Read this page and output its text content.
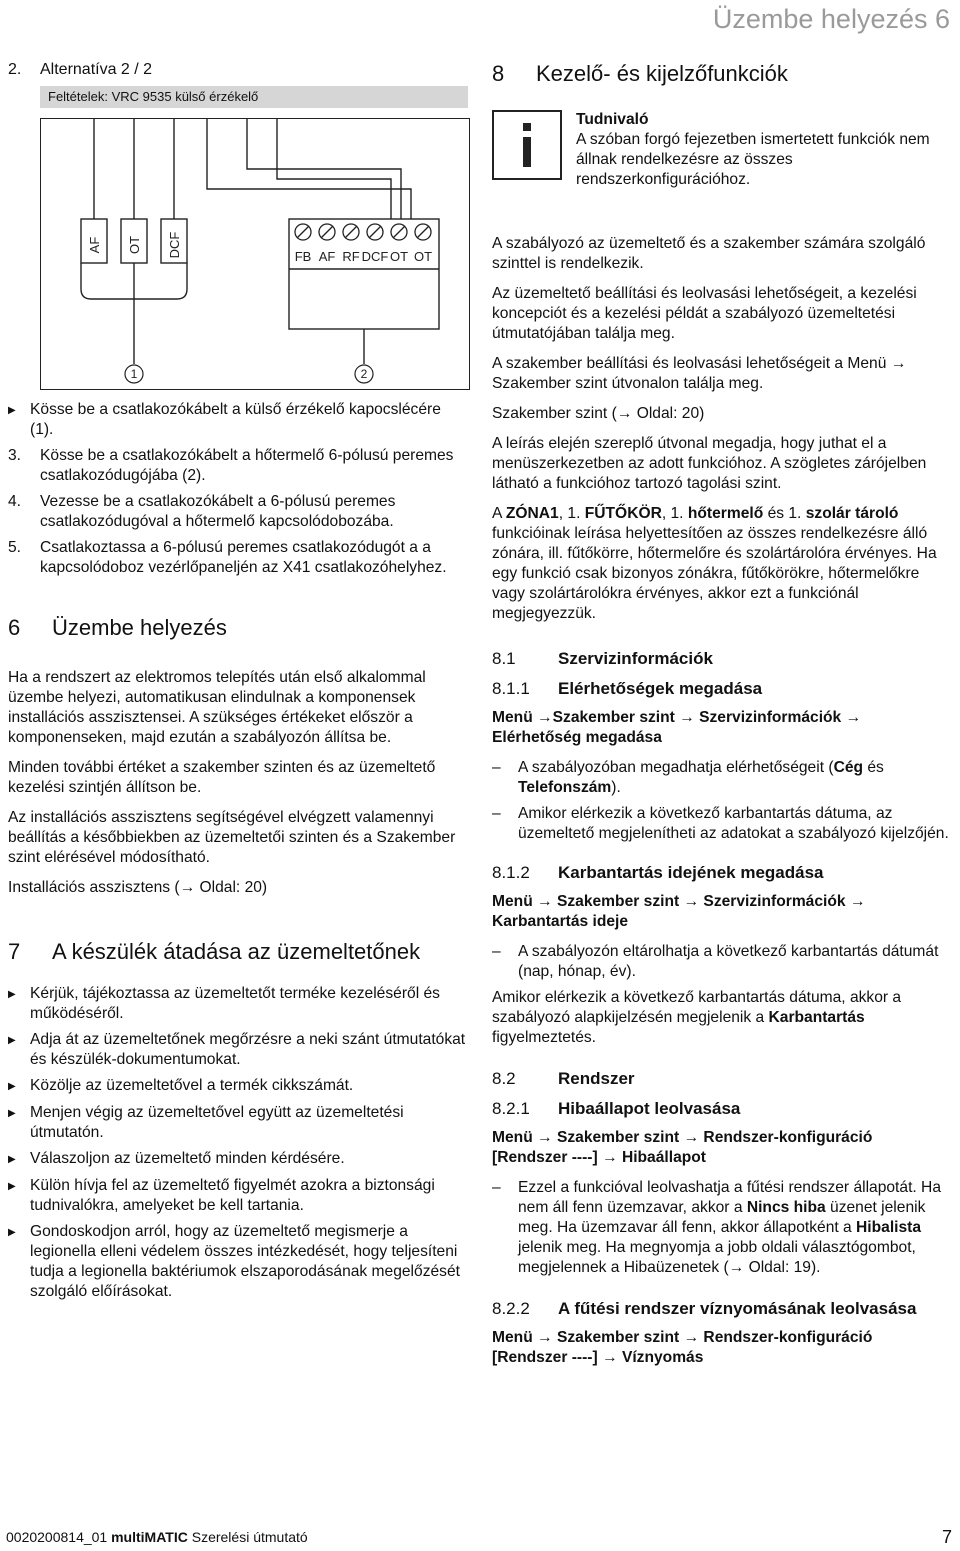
Üzembe helyezés 6
2. Alternatíva 2 / 2
Feltételek: VRC 9535 külső érzékelő
AF OT DCF	FB AF RF DCF OT OT
1	2
▶ Kösse be a csatlakozókábelt a külső érzékelő kapocslécére (1).
3.	Kösse be a csatlakozókábelt a hőtermelő 6-pólusú peremes csatlakozódugójába (2).
4.	Vezesse be a csatlakozókábelt a 6-pólusú peremes csatlakozódugóval a hőtermelő kapcsolódobozába.
5.	Csatlakoztassa a 6-pólusú peremes csatlakozódugót a a kapcsolódoboz vezérlőpaneljén az X41 csatlakozóhelyhez.
6 Üzembe helyezés

Ha a rendszert az elektromos telepítés után első alkalommal üzembe helyezi, automatikusan elindulnak a komponensek installációs asszisztensei. A szükséges értékeket először a komponenseken, majd ezután a szabályozón állítsa be.

Minden további értéket a szakember szinten és az üzemeltető kezelési szintjén állítson be.

Az installációs asszisztens segítségével elvégzett valamennyi beállítás a későbbiekben az üzemeltetői szinten és a Szakember szint elérésével módosítható.

Installációs asszisztens (→ Oldal: 20)

7 A készülék átadása az üzemeltetőnek
▶ Kérjük, tájékoztassa az üzemeltetőt terméke kezeléséről és működéséről.
▶ Adja át az üzemeltetőnek megőrzésre a neki szánt útmutatókat és készülék-dokumentumokat.
▶ Közölje az üzemeltetővel a termék cikkszámát.
▶ Menjen végig az üzemeltetővel együtt az üzemeltetési útmutatón.
▶ Válaszoljon az üzemeltető minden kérdésére.
▶ Külön hívja fel az üzemeltető figyelmét azokra a biztonsági tudnivalókra, amelyeket be kell tartania.
▶ Gondoskodjon arról, hogy az üzemeltető megismerje a legionella elleni védelem összes intézkedését, hogy teljesíteni tudja a legionella baktériumok elszaporodásának megelőzését szolgáló előírásokat.
8 Kezelő- és kijelzőfunkciók
Tudnivaló
A szóban forgó fejezetben ismertetett funkciók nem állnak rendelkezésre az összes rendszerkonfigurációhoz.

A szabályozó az üzemeltető és a szakember számára szolgáló szinttel is rendelkezik.

Az üzemeltető beállítási és leolvasási lehetőségeit, a kezelési koncepciót és a kezelési példát a szabályozó üzemeltetési útmutatójában találja meg.

A szakember beállítási és leolvasási lehetőségeit a Menü → Szakember szint útvonalon találja meg.

Szakember szint (→ Oldal: 20)

A leírás elején szereplő útvonal megadja, hogy juthat el a menüszerkezetben az adott funkcióhoz. A szögletes zárójelben látható a funkcióhoz tartozó tagolási szint.

A ZÓNA1, 1. FŰTŐKÖR, 1. hőtermelő és 1. szolár tároló funkcióinak leírása helyettesítően az összes rendelkezésre álló zónára, ill. fűtőkörre, hőtermelőre és szolártárolóra érvényes. Ha egy funkció csak bizonyos zónákra, fűtőkörökre, hőtermelőkre vagy szolártárolókra érvényes, akkor ezt a funkciónál megjegyezzük.

8.1 Szervizinformációk
8.1.1 Elérhetőségek megadása

Menü →Szakember szint → Szervizinformációk → Elérhetőség megadása

–	A szabályozóban megadhatja elérhetőségeit (Cég és Telefonszám).
–	Amikor elérkezik a következő karbantartás dátuma, az üzemeltető megjelenítheti az adatokat a szabályozó kijelzőjén.
8.1.2 Karbantartás idejének megadása

Menü → Szakember szint → Szervizinformációk → Karbantartás ideje

–	A szabályozón eltárolhatja a következő karbantartás dátumát (nap, hónap, év).

Amikor elérkezik a következő karbantartás dátuma, akkor a szabályozó alapkijelzésén megjelenik a Karbantartás figyelmeztetés.

8.2 Rendszer
8.2.1 Hibaállapot leolvasása

Menü → Szakember szint → Rendszer-konfiguráció [Rendszer ----] → Hibaállapot

–	Ezzel a funkcióval leolvashatja a fűtési rendszer állapotát. Ha nem áll fenn üzemzavar, akkor a Nincs hiba üzenet jelenik meg. Ha üzemzavar áll fenn, akkor állapotként a Hibalista jelenik meg. Ha megnyomja a jobb oldali választógombot, megjelennek a Hibaüzenetek (→ Oldal: 19).
8.2.2 A fűtési rendszer víznyomásának leolvasása

Menü → Szakember szint → Rendszer-konfiguráció [Rendszer ----] → Víznyomás

0020200814_01 multiMATIC Szerelési útmutató	7
